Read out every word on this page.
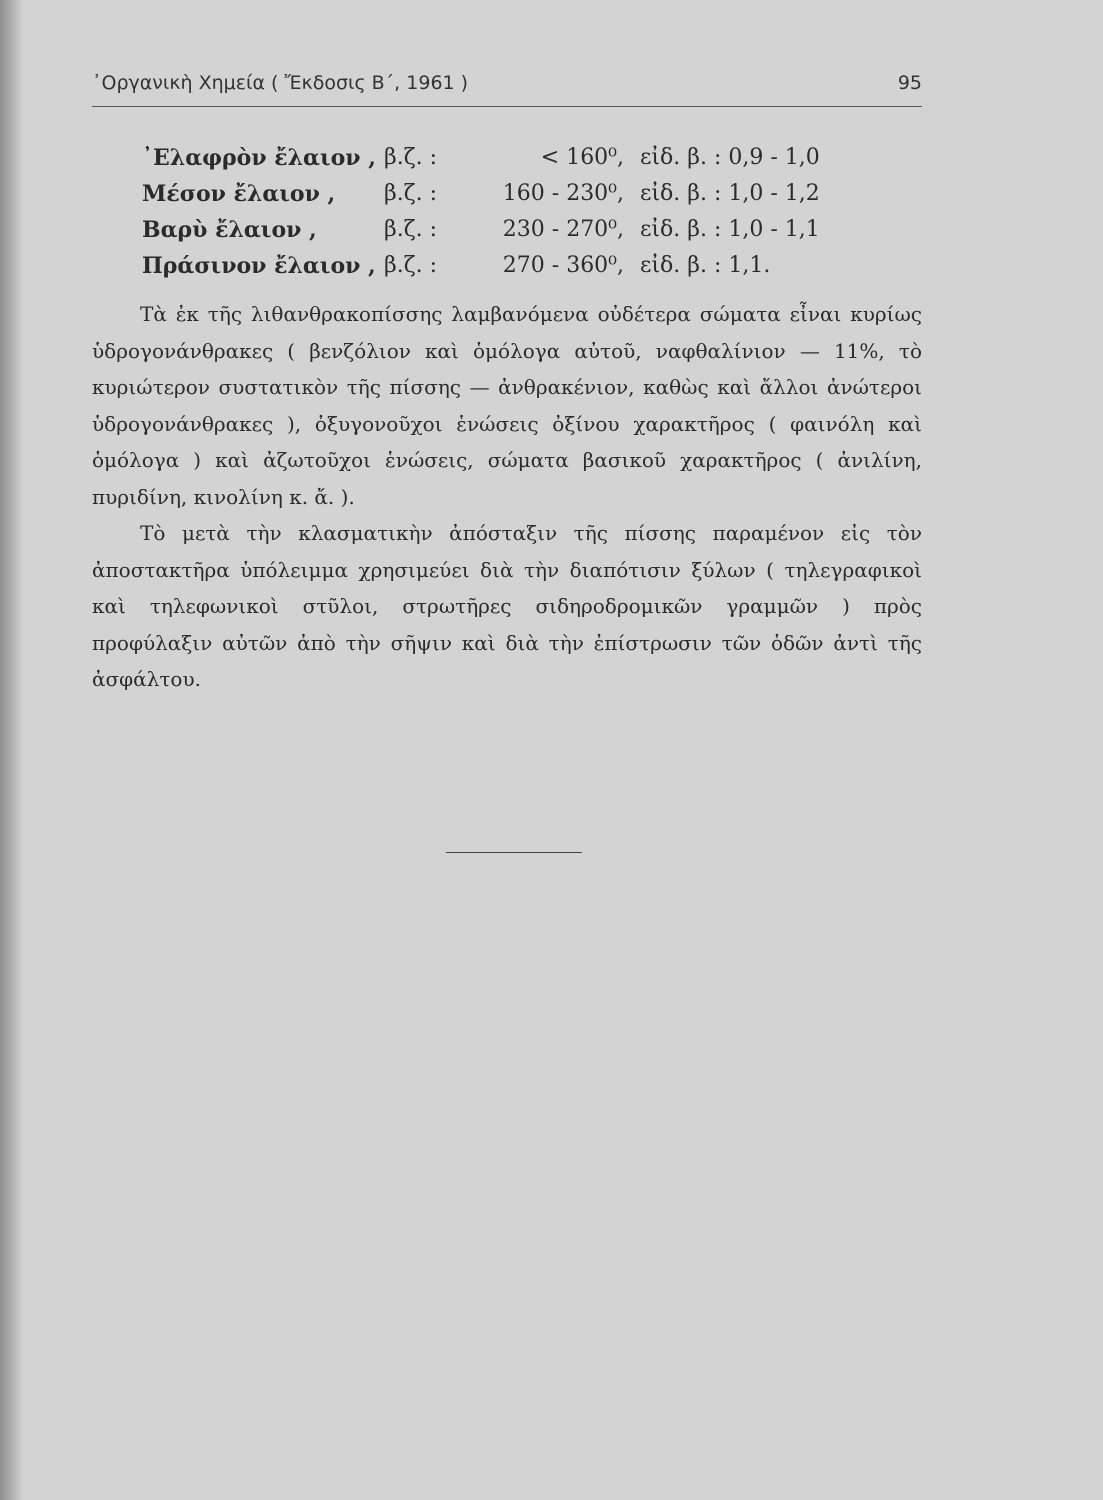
᾿Οργανικὴ Χημεία ( Ἔκδοσις Β΄, 1961 )	95
᾿Ελαφρὸν ἔλαιον , β.ζ. :	< 160⁰, εἰδ. β. : 0,9 - 1,0
Μέσον ἔλαιον , β.ζ. :	160 - 230⁰, εἰδ. β. : 1,0 - 1,2
Βαρὺ ἔλαιον ,	β.ζ. :	230 - 270⁰, εἰδ. β. : 1,0 - 1,1
Πράσινον ἔλαιον , β.ζ. :	270 - 360⁰, εἰδ. β. : 1,1.

Τὰ ἐκ τῆς λιθανθρακοπίσσης λαμβανόμενα οὐδέτερα σώματα εἶναι κυρίως ὑδρογονάνθρακες ( βενζόλιον καὶ ὁμόλογα αὐτοῦ, ναφθαλίνιον — 11%, τὸ κυριώτερον συστατικὸν τῆς πίσσης — ἀνθρακένιον, καθὼς καὶ ἄλλοι ἀνώτεροι ὑδρογονάνθρακες ), ὀξυγονοῦχοι ἑνώσεις ὀξίνου χαρακτῆρος ( φαινόλη καὶ ὁμόλογα ) καὶ ἀζωτοῦχοι ἑνώσεις, σώματα βασικοῦ χαρακτῆρος ( ἀνιλίνη, πυριδίνη, κινολίνη κ. ἄ. ).

Τὸ μετὰ τὴν κλασματικὴν ἀπόσταξιν τῆς πίσσης παραμένον εἰς τὸν ἀποστακτῆρα ὑπόλειμμα χρησιμεύει διὰ τὴν διαπότισιν ξύλων ( τηλεγραφικοὶ καὶ τηλεφωνικοὶ στῦλοι, στρωτῆρες σιδηροδρομικῶν γραμμῶν ) πρὸς προφύλαξιν αὐτῶν ἀπὸ τὴν σῆψιν καὶ διὰ τὴν ἐπίστρωσιν τῶν ὁδῶν ἀντὶ τῆς ἀσφάλτου.
